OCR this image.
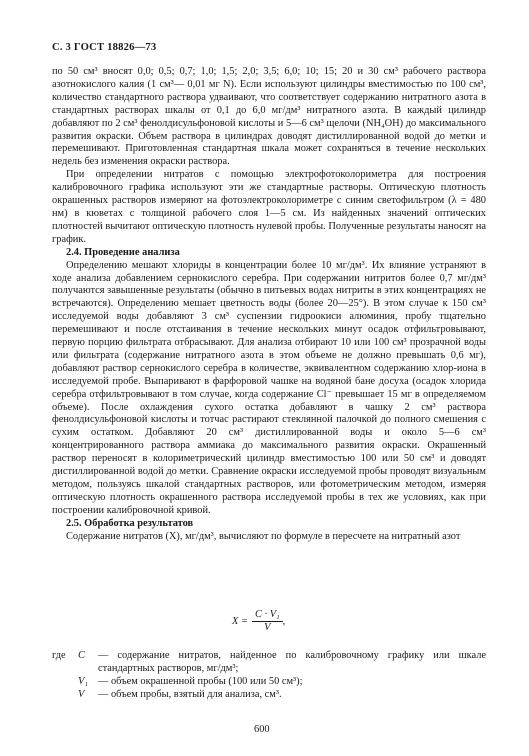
С. 3 ГОСТ 18826—73

по 50 см³ вносят 0,0; 0,5; 0,7; 1,0; 1,5; 2,0; 3,5; 6,0; 10; 15; 20 и 30 см³ рабочего раствора азотнокислого калия (1 см³— 0,01 мг N). Если используют цилиндры вместимостью по 100 см³, количество стандартного раствора удваивают, что соответствует содержанию нитратного азота в стандартных растворах шкалы от 0,1 до 6,0 мг/дм³ нитратного азота. В каждый цилиндр добавляют по 2 см³ фенолдисульфоновой кислоты и 5—6 см³ щелочи (NH₄OH) до максимального развития окраски. Объем раствора в цилиндрах доводят дистиллированной водой до метки и перемешивают. Приготовленная стандартная шкала может сохраняться в течение нескольких недель без изменения окраски раствора.

При определении нитратов с помощью электрофотоколориметра для построения калибровочного графика используют эти же стандартные растворы. Оптическую плотность окрашенных растворов измеряют на фотоэлектроколориметре с синим светофильтром (λ = 480 нм) в кюветах с толщиной рабочего слоя 1—5 см. Из найденных значений оптических плотностей вычитают оптическую плотность нулевой пробы. Полученные результаты наносят на график.

2.4. Проведение анализа

Определению мешают хлориды в концентрации более 10 мг/дм³. Их влияние устраняют в ходе анализа добавлением сернокислого серебра. При содержании нитритов более 0,7 мг/дм³ получаются завышенные результаты (обычно в питьевых водах нитриты в этих концентрациях не встречаются). Определению мешает цветность воды (более 20—25°). В этом случае к 150 см³ исследуемой воды добавляют 3 см³ суспензии гидроокиси алюминия, пробу тщательно перемешивают и после отстаивания в течение нескольких минут осадок отфильтровывают, первую порцию фильтрата отбрасывают. Для анализа отбирают 10 или 100 см³ прозрачной воды или фильтрата (содержание нитратного азота в этом объеме не должно превышать 0,6 мг), добавляют раствор сернокислого серебра в количестве, эквивалентном содержанию хлор-иона в исследуемой пробе. Выпаривают в фарфоровой чашке на водяной бане досуха (осадок хлорида серебра отфильтровывают в том случае, когда содержание Cl⁻ превышает 15 мг в определяемом объеме). После охлаждения сухого остатка добавляют в чашку 2 см³ раствора фенолдисульфоновой кислоты и тотчас растирают стеклянной палочкой до полного смешения с сухим остатком. Добавляют 20 см³ дистиллированной воды и около 5—6 см³ концентрированного раствора аммиака до максимального развития окраски. Окрашенный раствор переносят в колориметрический цилиндр вместимостью 100 или 50 см³ и доводят дистиллированной водой до метки. Сравнение окраски исследуемой пробы проводят визуальным методом, пользуясь шкалой стандартных растворов, или фотометрическим методом, измеряя оптическую плотность окрашенного раствора исследуемой пробы в тех же условиях, как при построении калибровочной кривой.

2.5. Обработка результатов

Содержание нитратов (X), мг/дм³, вычисляют по формуле в пересчете на нитратный азот

$X = \frac{\text{C · V₁}}{V}$ ,
где	C	— содержание нитратов, найденное по калибровочному графику или шкале стандартных растворов, мг/дм³;
V₁ — объем окрашенной пробы (100 или 50 см³);
V	— объем пробы, взятый для анализа, см³.
600
